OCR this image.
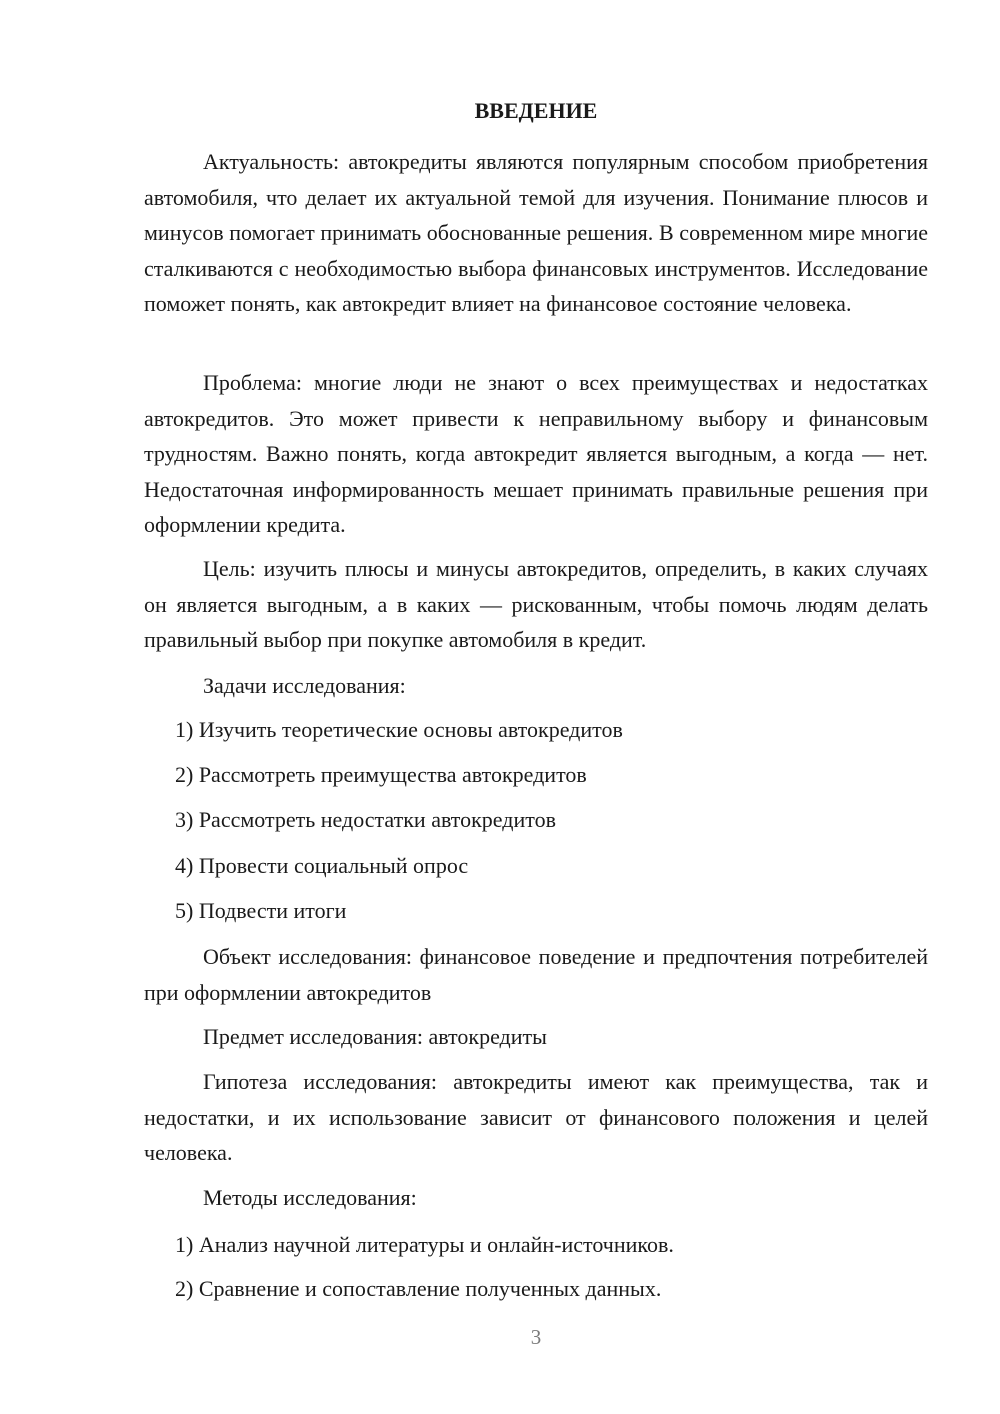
ВВЕДЕНИЕ

Актуальность: автокредиты являются популярным способом приобретения автомобиля, что делает их актуальной темой для изучения. Понимание плюсов и минусов помогает принимать обоснованные решения. В современном мире многие сталкиваются с необходимостью выбора финансовых инструментов. Исследование поможет понять, как автокредит влияет на финансовое состояние человека.

Проблема: многие люди не знают о всех преимуществах и недостатках автокредитов. Это может привести к неправильному выбору и финансовым трудностям. Важно понять, когда автокредит является выгодным, а когда — нет. Недостаточная информированность мешает принимать правильные решения при оформлении кредита.

Цель: изучить плюсы и минусы автокредитов, определить, в каких случаях он является выгодным, а в каких — рискованным, чтобы помочь людям делать правильный выбор при покупке автомобиля в кредит.

Задачи исследования:

1) Изучить теоретические основы автокредитов

2) Рассмотреть преимущества автокредитов

3) Рассмотреть недостатки автокредитов

4) Провести социальный опрос

5) Подвести итоги

Объект исследования: финансовое поведение и предпочтения потребителей при оформлении автокредитов

Предмет исследования: автокредиты

Гипотеза исследования: автокредиты имеют как преимущества, так и недостатки, и их использование зависит от финансового положения и целей человека.

Методы исследования:

1) Анализ научной литературы и онлайн-источников.

2) Сравнение и сопоставление полученных данных.

3
